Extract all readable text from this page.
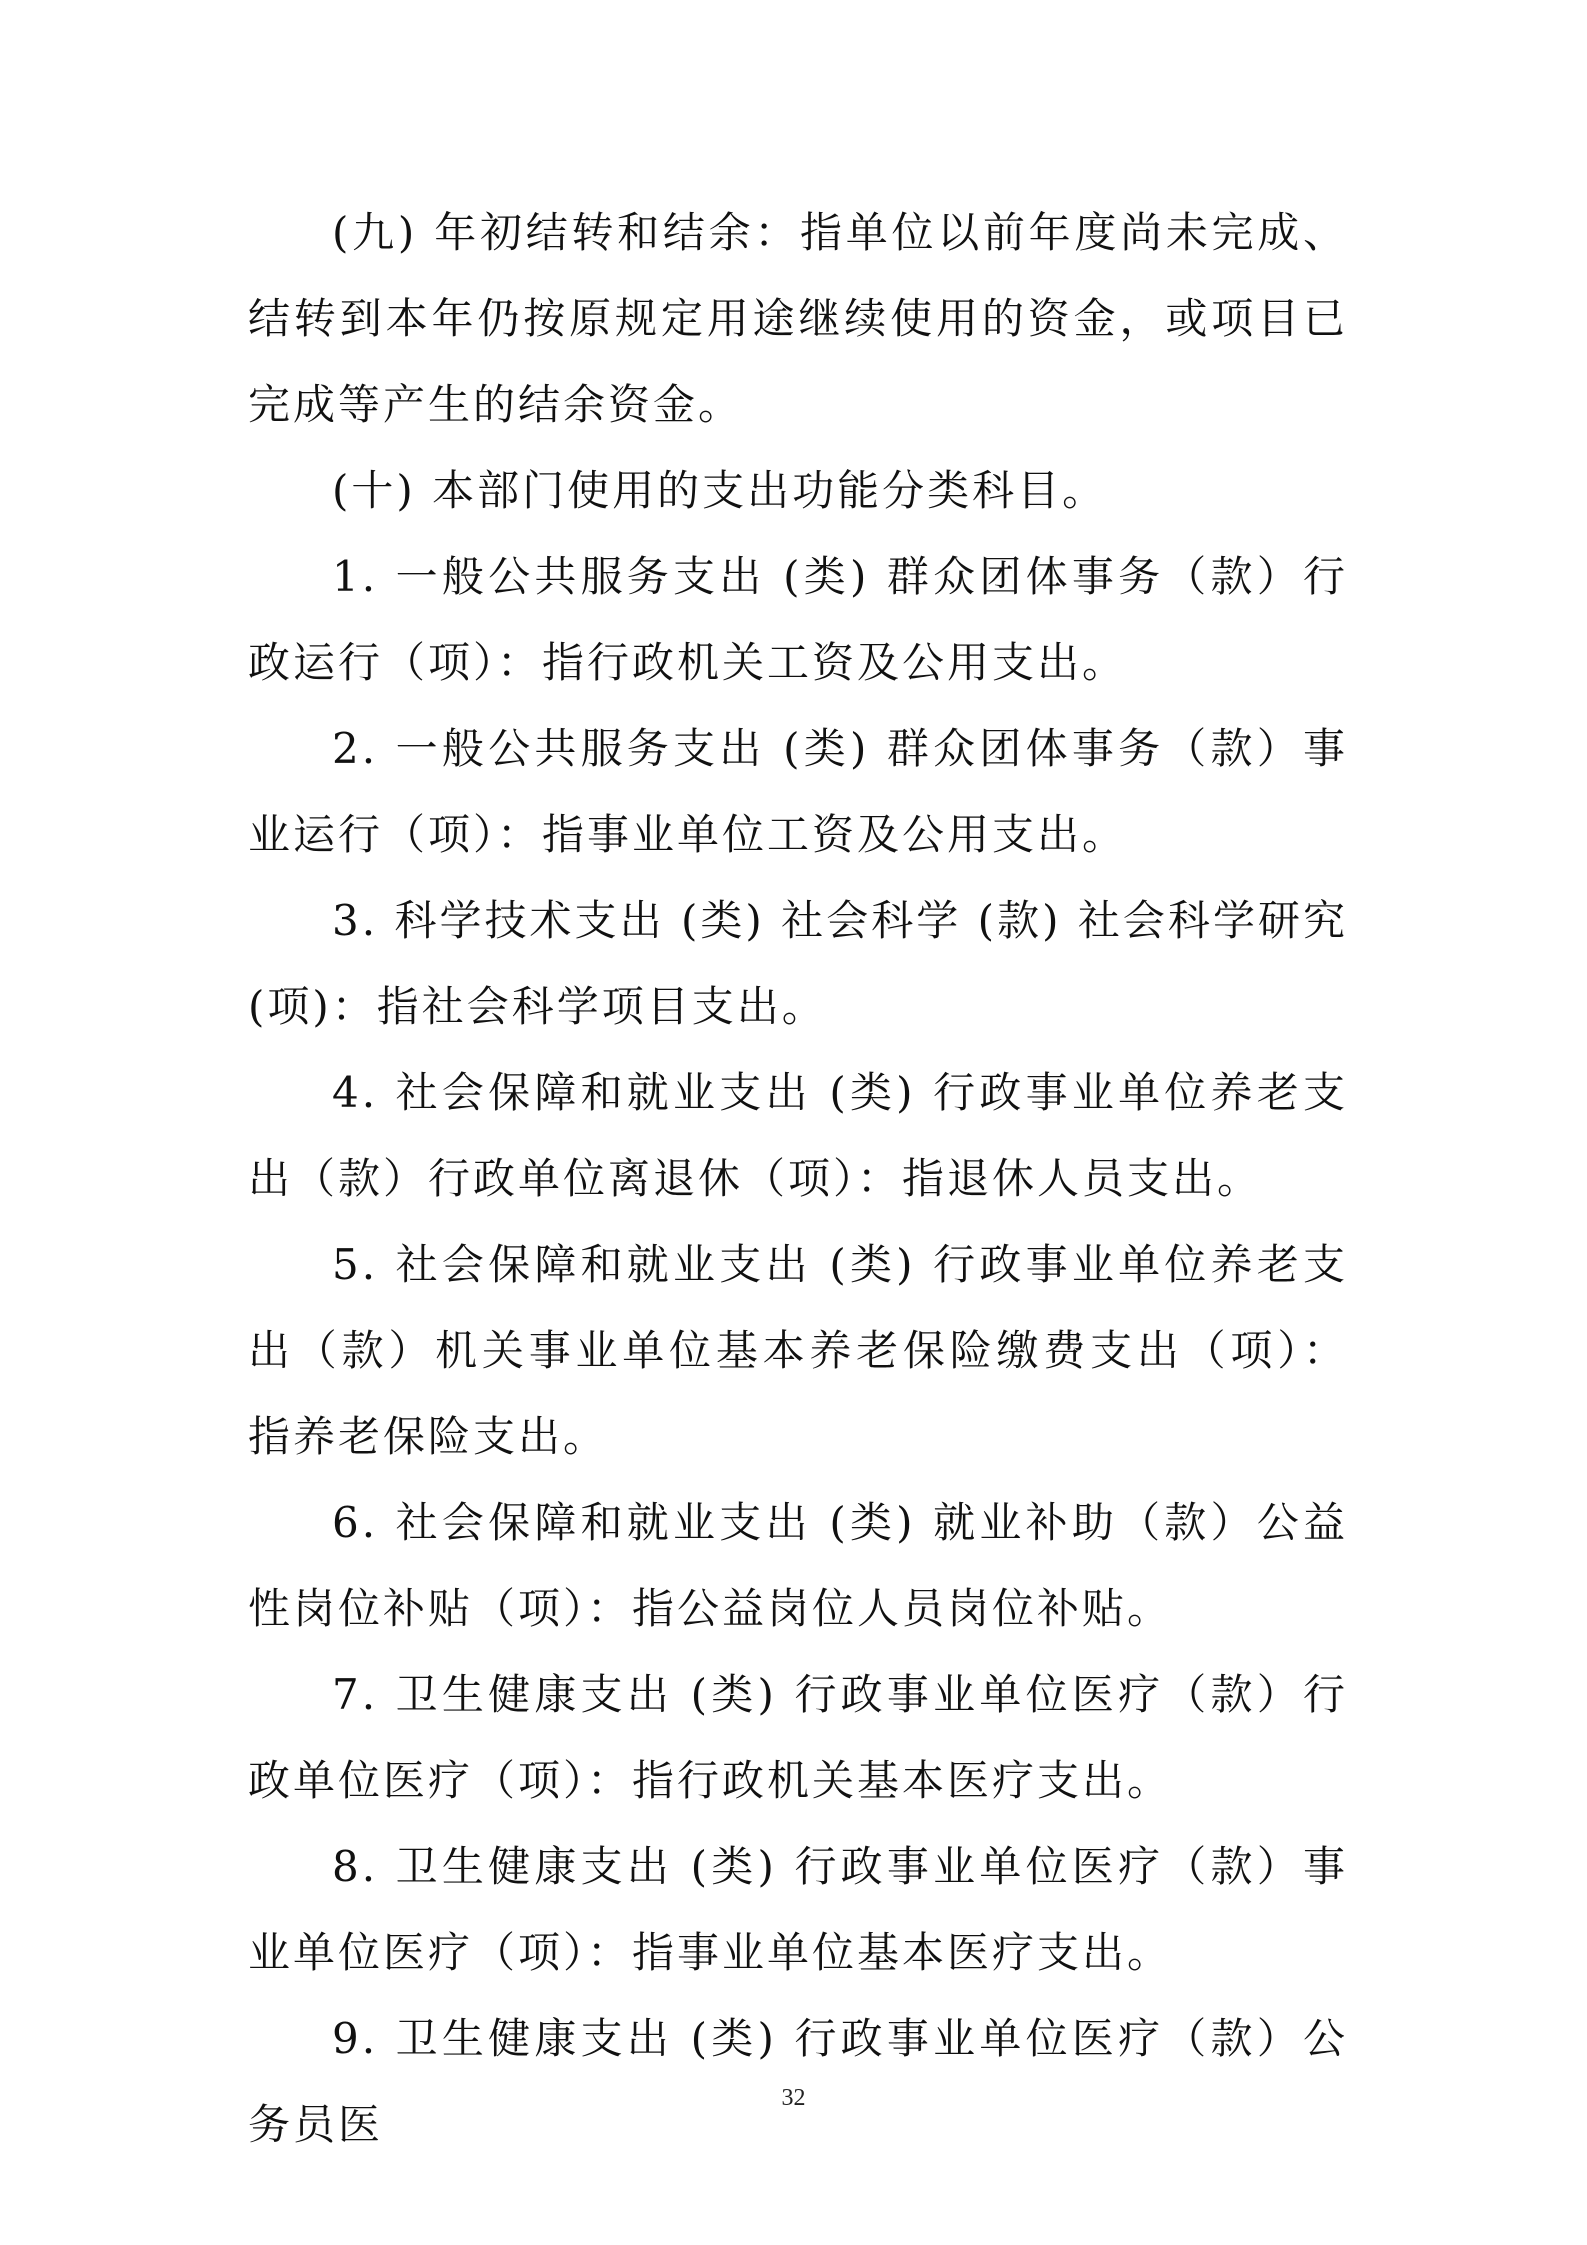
(九) 年初结转和结余：指单位以前年度尚未完成、结转到本年仍按原规定用途继续使用的资金，或项目已完成等产生的结余资金。

(十) 本部门使用的支出功能分类科目。

1. 一般公共服务支出 (类) 群众团体事务（款）行政运行（项）：指行政机关工资及公用支出。

2. 一般公共服务支出 (类) 群众团体事务（款）事业运行（项）：指事业单位工资及公用支出。

3. 科学技术支出 (类) 社会科学 (款) 社会科学研究 (项)：指社会科学项目支出。

4. 社会保障和就业支出 (类) 行政事业单位养老支出（款）行政单位离退休（项）：指退休人员支出。

5. 社会保障和就业支出 (类) 行政事业单位养老支出（款）机关事业单位基本养老保险缴费支出（项）：指养老保险支出。

6. 社会保障和就业支出 (类) 就业补助（款）公益性岗位补贴（项）：指公益岗位人员岗位补贴。

7. 卫生健康支出 (类) 行政事业单位医疗（款）行政单位医疗（项）：指行政机关基本医疗支出。

8. 卫生健康支出 (类) 行政事业单位医疗（款）事业单位医疗（项）：指事业单位基本医疗支出。

9. 卫生健康支出 (类) 行政事业单位医疗（款）公务员医

32
